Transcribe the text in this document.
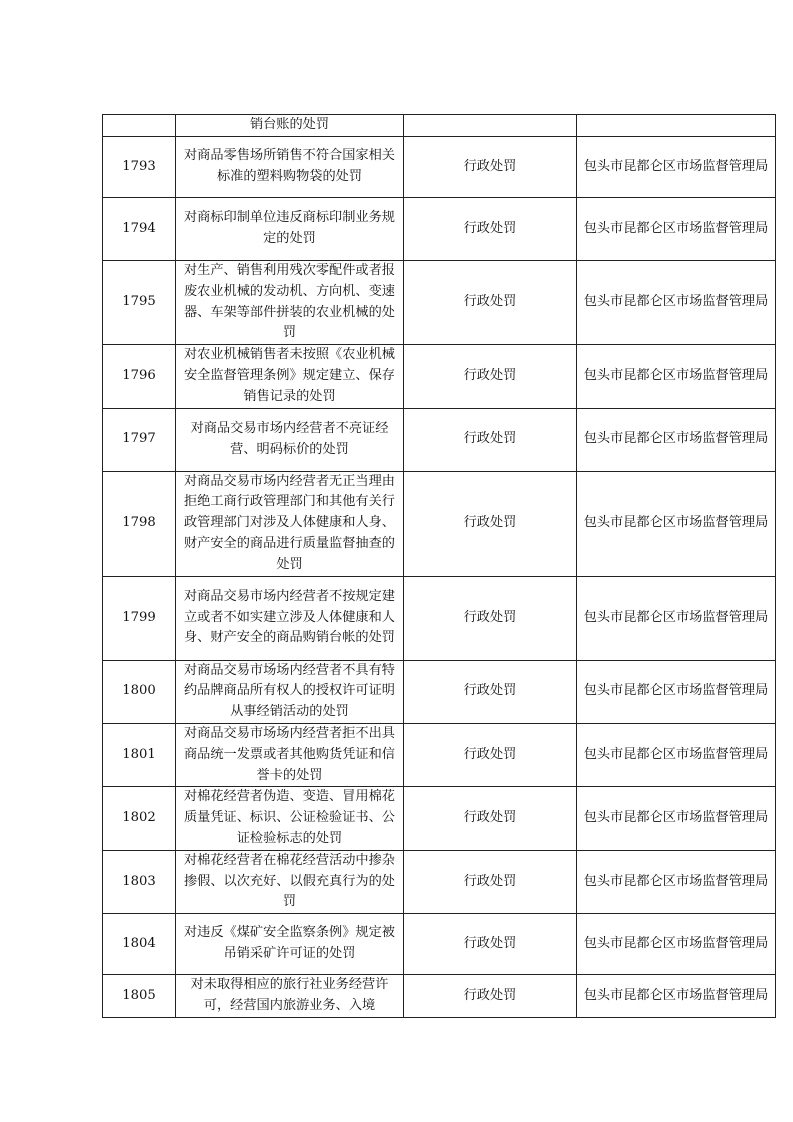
	销台账的处罚		
1793	对商品零售场所销售不符合国家相关标准的塑料购物袋的处罚	行政处罚	包头市昆都仑区市场监督管理局
1794	对商标印制单位违反商标印制业务规定的处罚	行政处罚	包头市昆都仑区市场监督管理局
1795	对生产、销售利用残次零配件或者报废农业机械的发动机、方向机、变速器、车架等部件拼装的农业机械的处罚	行政处罚	包头市昆都仑区市场监督管理局
1796	对农业机械销售者未按照《农业机械安全监督管理条例》规定建立、保存销售记录的处罚	行政处罚	包头市昆都仑区市场监督管理局
1797	对商品交易市场内经营者不亮证经营、明码标价的处罚	行政处罚	包头市昆都仑区市场监督管理局
1798	对商品交易市场内经营者无正当理由拒绝工商行政管理部门和其他有关行政管理部门对涉及人体健康和人身、财产安全的商品进行质量监督抽查的处罚	行政处罚	包头市昆都仑区市场监督管理局
1799	对商品交易市场内经营者不按规定建立或者不如实建立涉及人体健康和人身、财产安全的商品购销台帐的处罚	行政处罚	包头市昆都仑区市场监督管理局
1800	对商品交易市场场内经营者不具有特约品牌商品所有权人的授权许可证明从事经销活动的处罚	行政处罚	包头市昆都仑区市场监督管理局
1801	对商品交易市场场内经营者拒不出具商品统一发票或者其他购货凭证和信誉卡的处罚	行政处罚	包头市昆都仑区市场监督管理局
1802	对棉花经营者伪造、变造、冒用棉花质量凭证、标识、公证检验证书、公证检验标志的处罚	行政处罚	包头市昆都仑区市场监督管理局
1803	对棉花经营者在棉花经营活动中掺杂掺假、以次充好、以假充真行为的处罚	行政处罚	包头市昆都仑区市场监督管理局
1804	对违反《煤矿安全监察条例》规定被吊销采矿许可证的处罚	行政处罚	包头市昆都仑区市场监督管理局
1805	对未取得相应的旅行社业务经营许可，经营国内旅游业务、入境	行政处罚	包头市昆都仑区市场监督管理局
